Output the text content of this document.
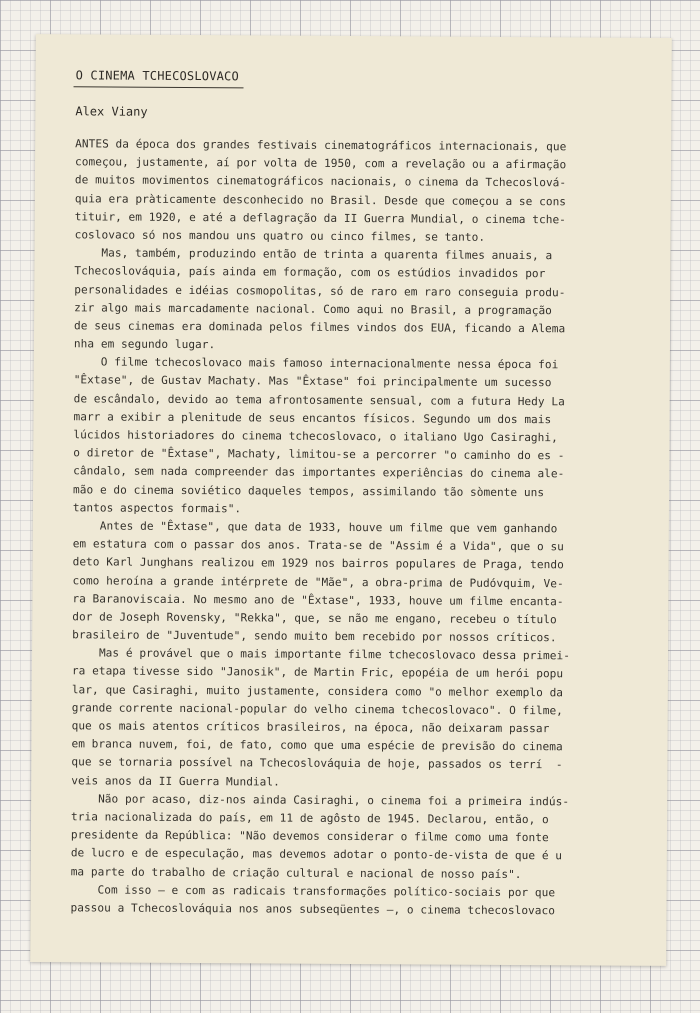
O CINEMA TCHECOSLOVACO
Alex Viany
ANTES da época dos grandes festivais cinematográficos internacionais, que
começou, justamente, aí por volta de 1950, com a revelação ou a afirmação
de muitos movimentos cinematográficos nacionais, o cinema da Tchecoslová-
quia era pràticamente desconhecido no Brasil. Desde que começou a se cons
tituir, em 1920, e até a deflagração da II Guerra Mundial, o cinema tche-
coslovaco só nos mandou uns quatro ou cinco filmes, se tanto.
Mas, também, produzindo então de trinta a quarenta filmes anuais, a
Tchecoslováquia, país ainda em formação, com os estúdios invadidos por
personalidades e idéias cosmopolitas, só de raro em raro conseguia produ-
zir algo mais marcadamente nacional. Como aqui no Brasil, a programação
de seus cinemas era dominada pelos filmes vindos dos EUA, ficando a Alema
nha em segundo lugar.
O filme tchecoslovaco mais famoso internacionalmente nessa época foi
"Êxtase", de Gustav Machaty. Mas "Êxtase" foi principalmente um sucesso
de escândalo, devido ao tema afrontosamente sensual, com a futura Hedy La
marr a exibir a plenitude de seus encantos físicos. Segundo um dos mais
lúcidos historiadores do cinema tchecoslovaco, o italiano Ugo Casiraghi,
o diretor de "Êxtase", Machaty, limitou-se a percorrer "o caminho do es -
cândalo, sem nada compreender das importantes experiências do cinema ale-
mão e do cinema soviético daqueles tempos, assimilando tão sòmente uns
tantos aspectos formais".
Antes de "Êxtase", que data de 1933, houve um filme que vem ganhando
em estatura com o passar dos anos. Trata-se de "Assim é a Vida", que o su
deto Karl Junghans realizou em 1929 nos bairros populares de Praga, tendo
como heroína a grande intérprete de "Mãe", a obra-prima de Pudóvquim, Ve-
ra Baranoviscaia. No mesmo ano de "Êxtase", 1933, houve um filme encanta-
dor de Joseph Rovensky, "Rekka", que, se não me engano, recebeu o título
brasileiro de "Juventude", sendo muito bem recebido por nossos críticos.
Mas é provável que o mais importante filme tchecoslovaco dessa primei-
ra etapa tivesse sido "Janosik", de Martin Fric, epopéia de um herói popu
lar, que Casiraghi, muito justamente, considera como "o melhor exemplo da
grande corrente nacional-popular do velho cinema tchecoslovaco". O filme,
que os mais atentos críticos brasileiros, na época, não deixaram passar
em branca nuvem, foi, de fato, como que uma espécie de previsão do cinema
que se tornaria possível na Tchecoslováquia de hoje, passados os terrí  -
veis anos da II Guerra Mundial.
Não por acaso, diz-nos ainda Casiraghi, o cinema foi a primeira indús-
tria nacionalizada do país, em 11 de agôsto de 1945. Declarou, então, o
presidente da República: "Não devemos considerar o filme como uma fonte
de lucro e de especulação, mas devemos adotar o ponto-de-vista de que é u
ma parte do trabalho de criação cultural e nacional de nosso país".
Com isso — e com as radicais transformações político-sociais por que
passou a Tchecoslováquia nos anos subseqüentes —, o cinema tchecoslovaco
